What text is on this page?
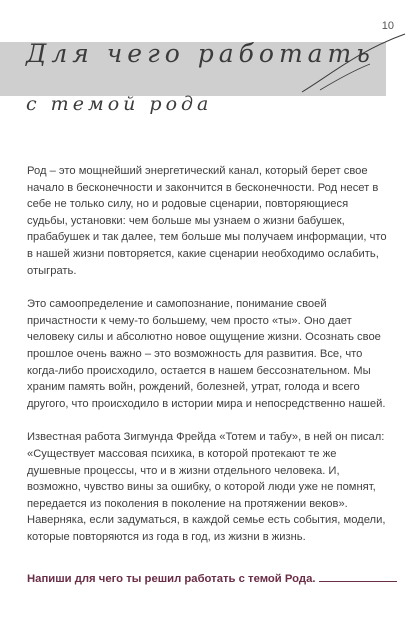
10
Для чего работать
с темой рода

Род – это мощнейший энергетический канал, который берет свое начало в бесконечности и закончится в бесконечности. Род несет в себе не только силу, но и родовые сценарии, повторяющиеся судьбы, установки: чем больше мы узнаем о жизни бабушек, прабабушек и так далее, тем больше мы получаем информации, что в нашей жизни повторяется, какие сценарии необходимо ослабить, отыграть.

Это самоопределение и самопознание, понимание своей причастности к чему-то большему, чем просто «ты». Оно дает человеку силы и абсолютно новое ощущение жизни. Осознать свое прошлое очень важно – это возможность для развития. Все, что когда-либо происходило, остается в нашем бессознательном. Мы храним память войн, рождений, болезней, утрат, голода и всего другого, что происходило в истории мира и непосредственно нашей.

Известная работа Зигмунда Фрейда «Тотем и табу», в ней он писал: «Существует массовая психика, в которой протекают те же душевные процессы, что и в жизни отдельного человека. И, возможно, чувство вины за ошибку, о которой люди уже не помнят, передается из поколения в поколение на протяжении веков». Наверняка, если задуматься, в каждой семье есть события, модели, которые повторяются из года в год, из жизни в жизнь.

Напиши для чего ты решил работать с темой Рода.
